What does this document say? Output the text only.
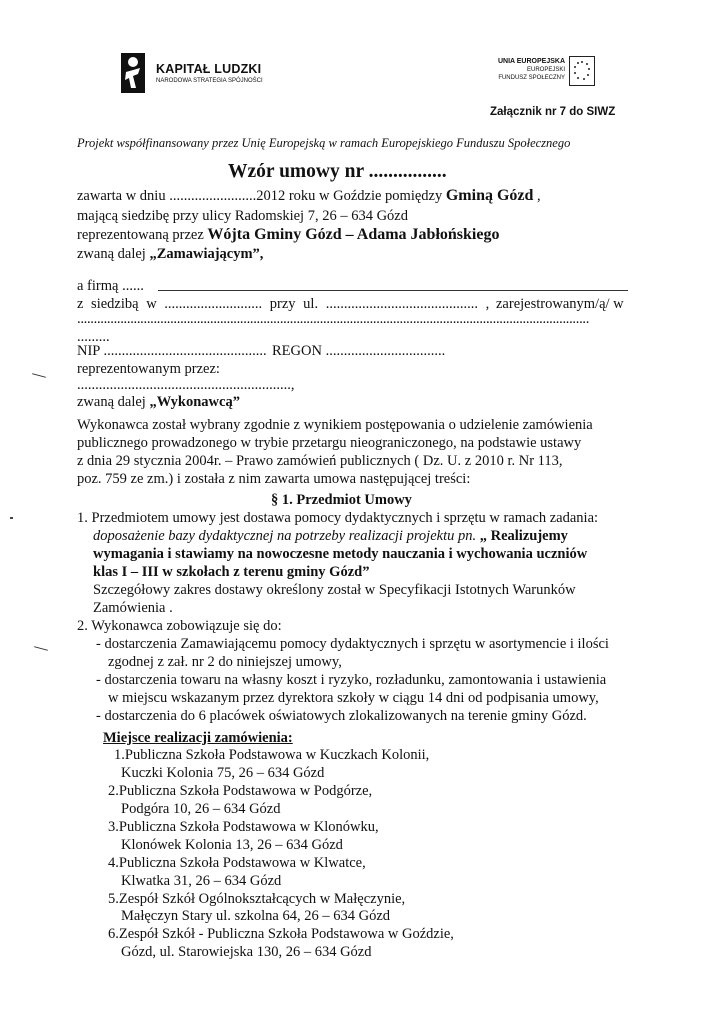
KAPITAŁ LUDZKI
NARODOWA STRATEGIA SPÓJNOŚCI
UNIA EUROPEJSKA
EUROPEJSKI
FUNDUSZ SPOŁECZNY
Załącznik nr 7 do SIWZ
Projekt współfinansowany przez Unię Europejską w ramach Europejskiego Funduszu Społecznego
Wzór umowy nr ................
zawarta w dniu ........................2012 roku w Goździe pomiędzy Gminą Gózd ,
mającą siedzibę przy ulicy Radomskiej 7, 26 – 634 Gózd
reprezentowaną przez Wójta Gminy Gózd – Adama Jabłońskiego
zwaną dalej „Zamawiającym”,
a firmą ......
z siedzibą w ........................... przy ul. .......................................... , zarejestrowanym/ą/ w
..........................................................................................................................................................
.........
NIP ............................................. REGON .................................
reprezentowanym przez:
...........................................................,
zwaną dalej „Wykonawcą”
Wykonawca został wybrany zgodnie z wynikiem postępowania o udzielenie zamówienia
publicznego prowadzonego w trybie przetargu nieograniczonego, na podstawie ustawy
z dnia 29 stycznia 2004r. – Prawo zamówień publicznych ( Dz. U. z 2010 r. Nr 113,
poz. 759 ze zm.) i została z nim zawarta umowa następującej treści:
§ 1. Przedmiot Umowy
1. Przedmiotem umowy jest dostawa pomocy dydaktycznych i sprzętu w ramach zadania:
doposażenie bazy dydaktycznej na potrzeby realizacji projektu pn. „ Realizujemy
wymagania i stawiamy na nowoczesne metody nauczania i wychowania uczniów
klas I – III w szkołach z terenu gminy Gózd”
Szczegółowy zakres dostawy określony został w Specyfikacji Istotnych Warunków
Zamówienia .
2. Wykonawca zobowiązuje się do:
- dostarczenia Zamawiającemu pomocy dydaktycznych i sprzętu w asortymencie i ilości
zgodnej z zał. nr 2 do niniejszej umowy,
- dostarczenia towaru na własny koszt i ryzyko, rozładunku, zamontowania i ustawienia
w miejscu wskazanym przez dyrektora szkoły w ciągu 14 dni od podpisania umowy,
- dostarczenia do 6 placówek oświatowych zlokalizowanych na terenie gminy Gózd.
Miejsce realizacji zamówienia:
1.Publiczna Szkoła Podstawowa w Kuczkach Kolonii,
Kuczki Kolonia 75, 26 – 634 Gózd
2.Publiczna Szkoła Podstawowa w Podgórze,
Podgóra 10, 26 – 634 Gózd
3.Publiczna Szkoła Podstawowa w Klonówku,
Klonówek Kolonia 13, 26 – 634 Gózd
4.Publiczna Szkoła Podstawowa w Klwatce,
Klwatka 31, 26 – 634 Gózd
5.Zespół Szkół Ogólnokształcących w Małęczynie,
Małęczyn Stary ul. szkolna 64, 26 – 634 Gózd
6.Zespół Szkół - Publiczna Szkoła Podstawowa w Goździe,
Gózd, ul. Starowiejska 130, 26 – 634 Gózd
